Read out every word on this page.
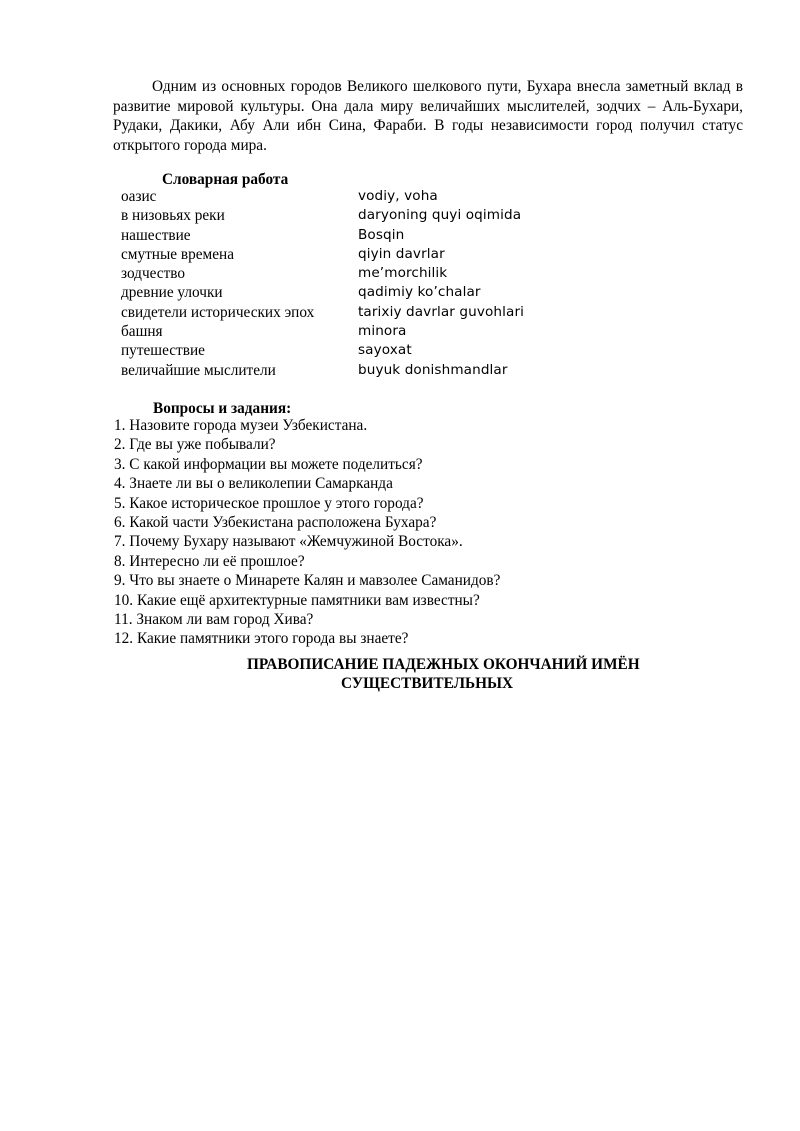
Одним из основных городов Великого шелкового пути, Бухара внесла заметный вклад в развитие мировой культуры. Она дала миру величайших мыслителей, зодчих – Аль-Бухари, Рудаки, Дакики, Абу Али ибн Сина, Фараби. В годы независимости город получил статус открытого города мира.

Словарная работа
оазис	vodiy, voha
в низовьях реки	daryoning quyi oqimida
нашествие	Bosqin
смутные времена	qiyin davrlar
зодчество	me’morchilik
древние улочки	qadimiy ko’chalar
свидетели исторических эпох	tarixiy davrlar guvohlari
башня	minora
путешествие	sayoxat
величайшие мыслители	buyuk donishmandlar
Вопросы и задания:
1. Назовите города музеи Узбекистана.
2. Где вы уже побывали?
3. С какой информации вы можете поделиться?
4. Знаете ли вы о великолепии Самарканда
5. Какое историческое прошлое у этого города?
6. Какой части Узбекистана расположена Бухара?
7. Почему Бухару называют «Жемчужиной Востока».
8. Интересно ли её прошлое?
9. Что вы знаете о Минарете Калян и мавзолее Саманидов?
10. Какие ещё архитектурные памятники вам известны?
11. Знаком ли вам город Хива?
12. Какие памятники этого города вы знаете?
ПРАВОПИСАНИЕ ПАДЕЖНЫХ ОКОНЧАНИЙ ИМЁН
СУЩЕСТВИТЕЛЬНЫХ
